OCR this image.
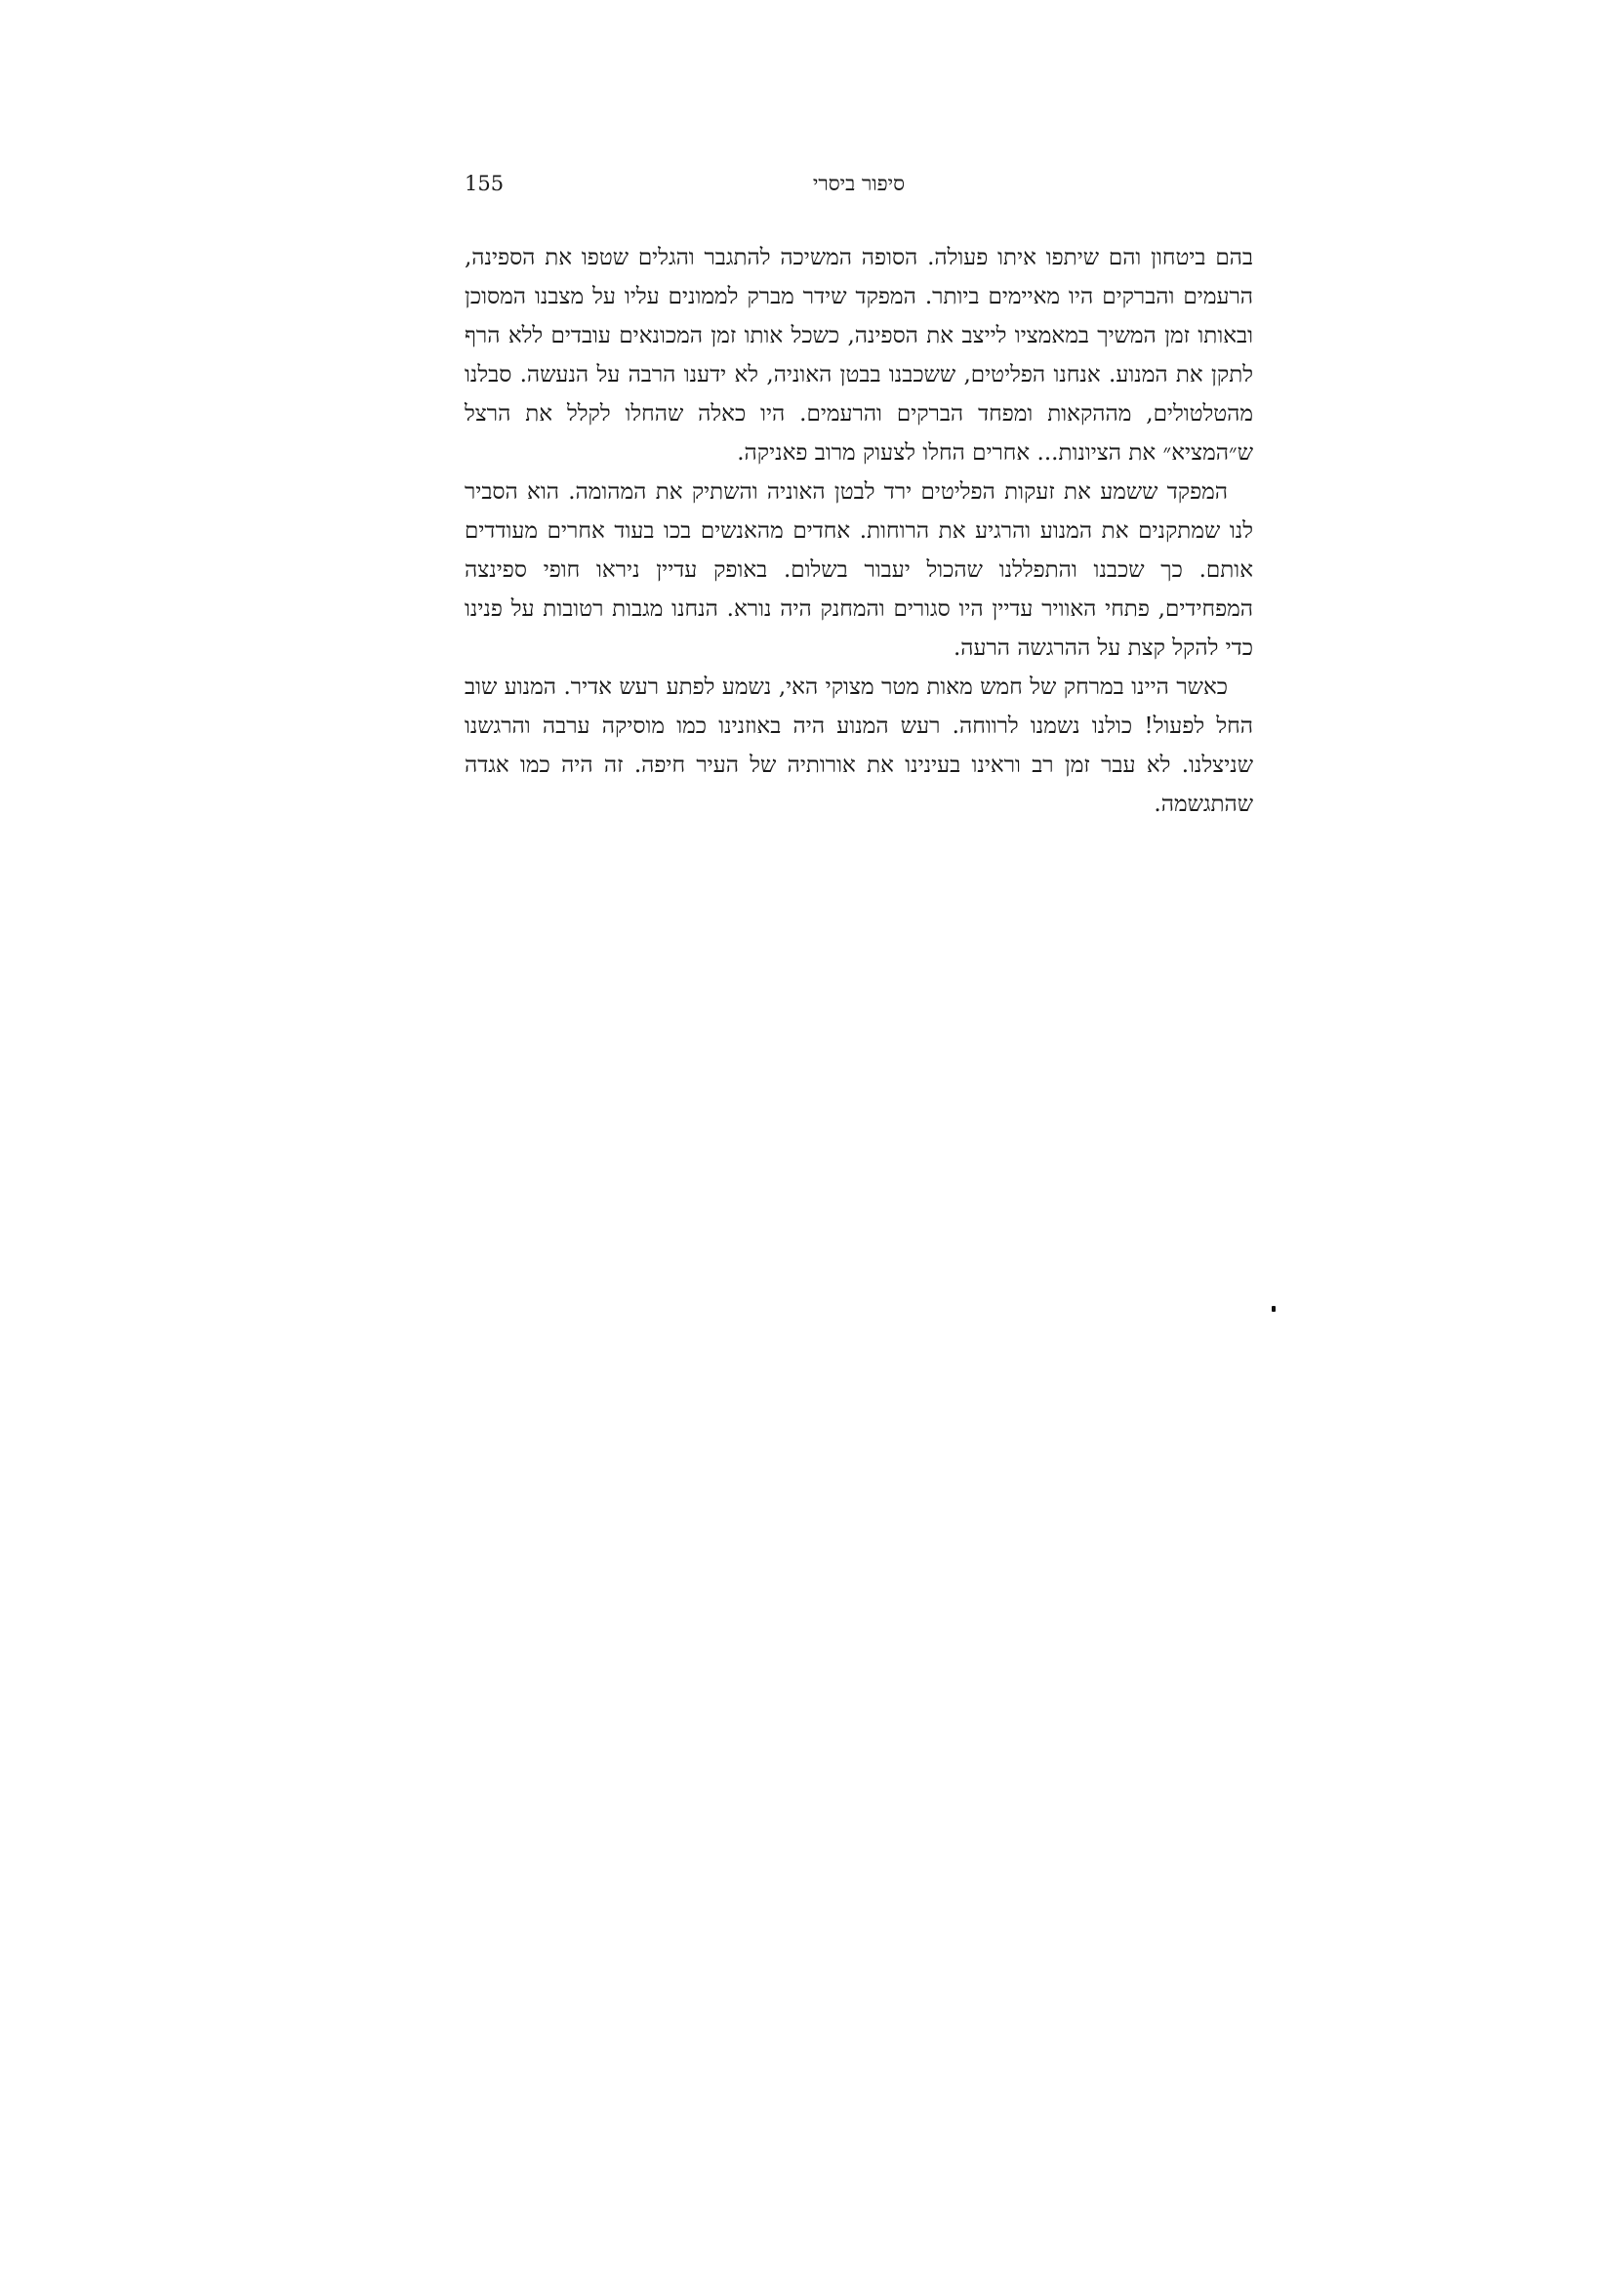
155	סיפור ביסרי

בהם ביטחון והם שיתפו איתו פעולה. הסופה המשיכה להתגבר והגלים שטפו את הספינה, הרעמים והברקים היו מאיימים ביותר. המפקד שידר מברק לממונים עליו על מצבנו המסוכן ובאותו זמן המשיך במאמציו לייצב את הספינה, כשכל אותו זמן המכונאים עובדים ללא הרף לתקן את המנוע. אנחנו הפליטים, ששכבנו בבטן האוניה, לא ידענו הרבה על הנעשה. סבלנו מהטלטולים, מההקאות ומפחד הברקים והרעמים. היו כאלה שהחלו לקלל את הרצל ש״המציא״ את הציונות... אחרים החלו לצעוק מרוב פאניקה.

המפקד ששמע את זעקות הפליטים ירד לבטן האוניה והשתיק את המהומה. הוא הסביר לנו שמתקנים את המנוע והרגיע את הרוחות. אחדים מהאנשים בכו בעוד אחרים מעודדים אותם. כך שכבנו והתפללנו שהכול יעבור בשלום. באופק עדיין ניראו חופי ספינצה המפחידים, פתחי האוויר עדיין היו סגורים והמחנק היה נורא. הנחנו מגבות רטובות על פנינו כדי להקל קצת על ההרגשה הרעה.

כאשר היינו במרחק של חמש מאות מטר מצוקי האי, נשמע לפתע רעש אדיר. המנוע שוב החל לפעול! כולנו נשמנו לרווחה. רעש המנוע היה באוזנינו כמו מוסיקה ערבה והרגשנו שניצלנו. לא עבר זמן רב וראינו בעינינו את אורותיה של העיר חיפה. זה היה כמו אגדה שהתגשמה.
